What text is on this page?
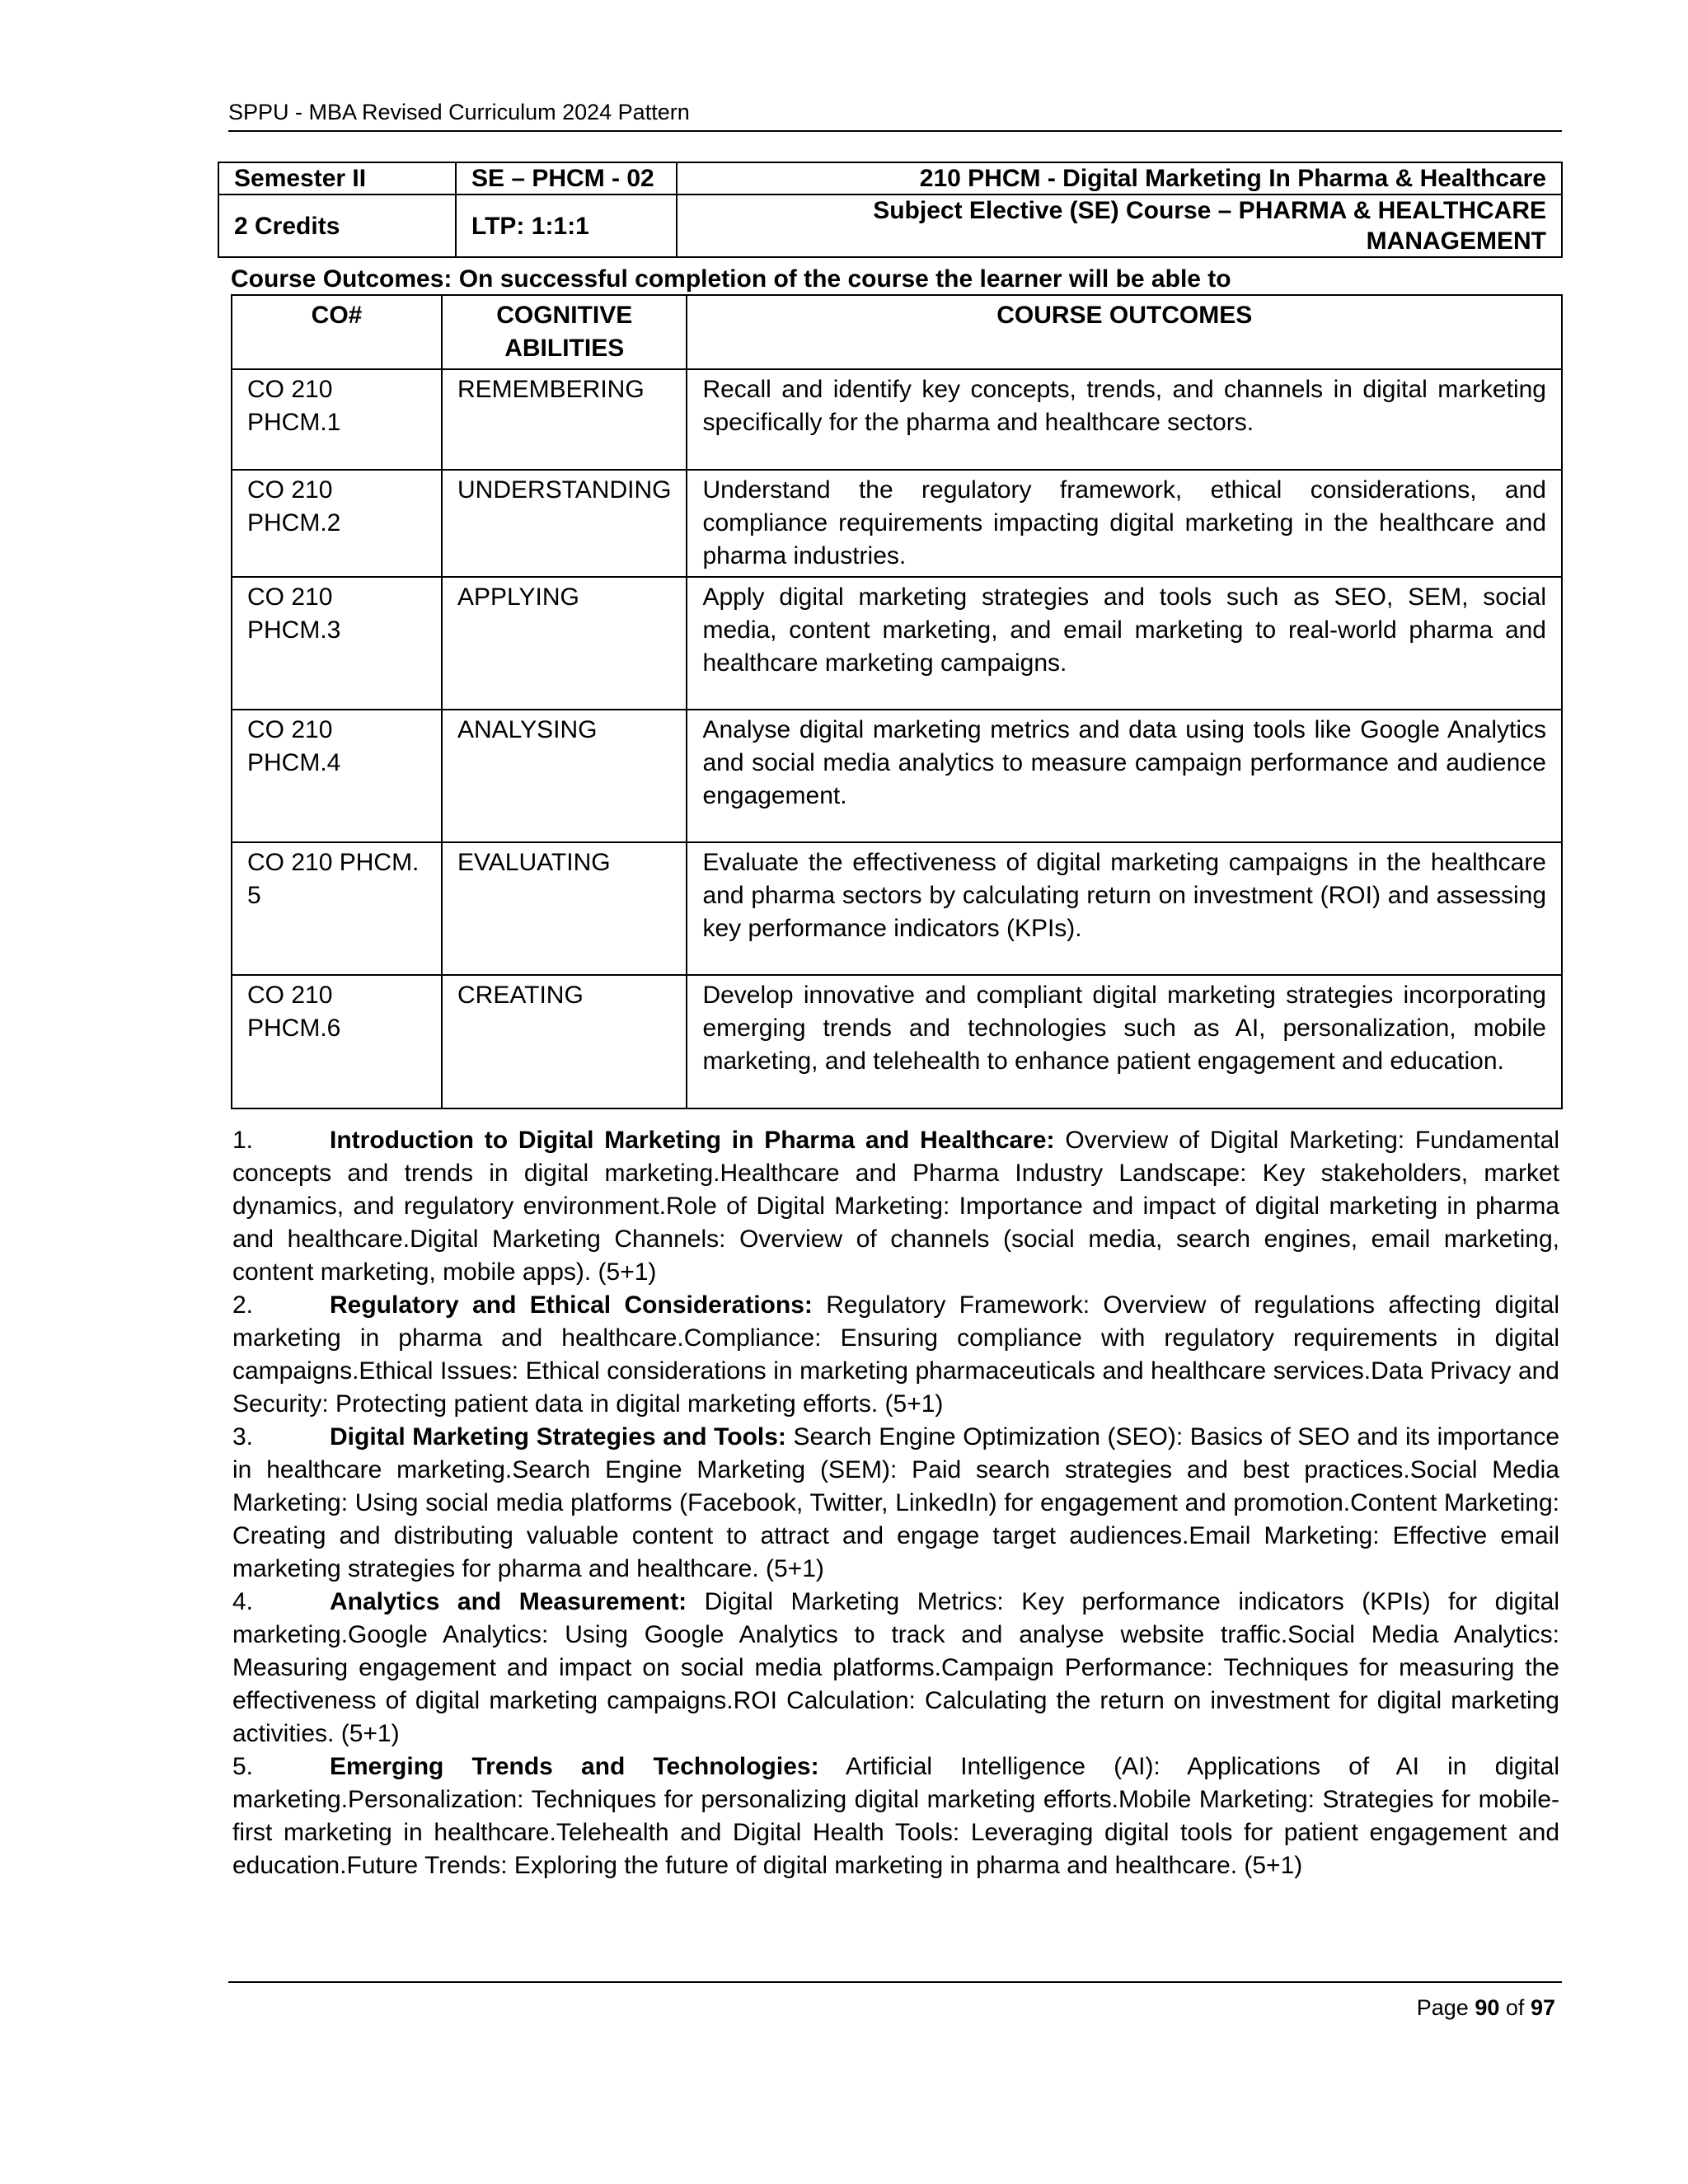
SPPU - MBA Revised Curriculum 2024 Pattern
Semester II	SE – PHCM - 02	210 PHCM - Digital Marketing In Pharma & Healthcare
2 Credits	LTP: 1:1:1	Subject Elective (SE) Course – PHARMA & HEALTHCARE MANAGEMENT
Course Outcomes: On successful completion of the course the learner will be able to
CO#	COGNITIVE ABILITIES	COURSE OUTCOMES
CO 210 PHCM.1	REMEMBERING	Recall and identify key concepts, trends, and channels in digital marketing specifically for the pharma and healthcare sectors.
CO 210 PHCM.2	UNDERSTANDING	Understand the regulatory framework, ethical considerations, and compliance requirements impacting digital marketing in the healthcare and pharma industries.
CO 210 PHCM.3	APPLYING	Apply digital marketing strategies and tools such as SEO, SEM, social media, content marketing, and email marketing to real-world pharma and healthcare marketing campaigns.
CO 210 PHCM.4	ANALYSING	Analyse digital marketing metrics and data using tools like Google Analytics and social media analytics to measure campaign performance and audience engagement.
CO 210 PHCM. 5	EVALUATING	Evaluate the effectiveness of digital marketing campaigns in the healthcare and pharma sectors by calculating return on investment (ROI) and assessing key performance indicators (KPIs).
CO 210 PHCM.6	CREATING	Develop innovative and compliant digital marketing strategies incorporating emerging trends and technologies such as AI, personalization, mobile marketing, and telehealth to enhance patient engagement and education.

1.	Introduction to Digital Marketing in Pharma and Healthcare: Overview of Digital Marketing: Fundamental concepts and trends in digital marketing.Healthcare and Pharma Industry Landscape: Key stakeholders, market dynamics, and regulatory environment.Role of Digital Marketing: Importance and impact of digital marketing in pharma and healthcare.Digital Marketing Channels: Overview of channels (social media, search engines, email marketing, content marketing, mobile apps). (5+1)

2.	Regulatory and Ethical Considerations: Regulatory Framework: Overview of regulations affecting digital marketing in pharma and healthcare.Compliance: Ensuring compliance with regulatory requirements in digital campaigns.Ethical Issues: Ethical considerations in marketing pharmaceuticals and healthcare services.Data Privacy and Security: Protecting patient data in digital marketing efforts. (5+1)

3.	Digital Marketing Strategies and Tools: Search Engine Optimization (SEO): Basics of SEO and its importance in healthcare marketing.Search Engine Marketing (SEM): Paid search strategies and best practices.Social Media Marketing: Using social media platforms (Facebook, Twitter, LinkedIn) for engagement and promotion.Content Marketing: Creating and distributing valuable content to attract and engage target audiences.Email Marketing: Effective email marketing strategies for pharma and healthcare. (5+1)

4.	Analytics and Measurement: Digital Marketing Metrics: Key performance indicators (KPIs) for digital marketing.Google Analytics: Using Google Analytics to track and analyse website traffic.Social Media Analytics: Measuring engagement and impact on social media platforms.Campaign Performance: Techniques for measuring the effectiveness of digital marketing campaigns.ROI Calculation: Calculating the return on investment for digital marketing activities. (5+1)

5.	Emerging Trends and Technologies: Artificial Intelligence (AI): Applications of AI in digital marketing.Personalization: Techniques for personalizing digital marketing efforts.Mobile Marketing: Strategies for mobile-first marketing in healthcare.Telehealth and Digital Health Tools: Leveraging digital tools for patient engagement and education.Future Trends: Exploring the future of digital marketing in pharma and healthcare. (5+1)

Page 90 of 97
